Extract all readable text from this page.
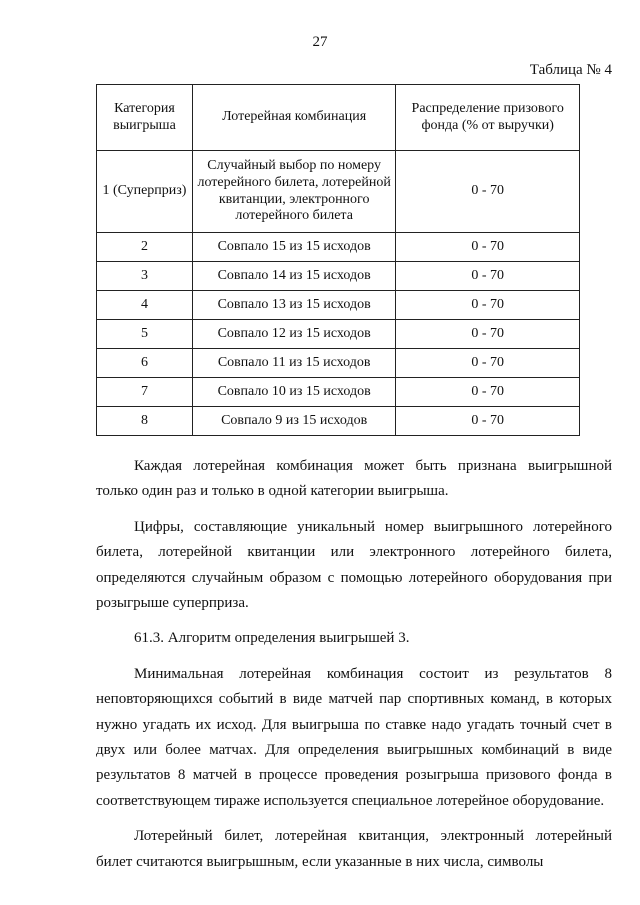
27
Таблица № 4
Категория выигрыша	Лотерейная комбинация	Распределение призового фонда (% от выручки)
1 (Суперприз)	Случайный выбор по номеру лотерейного билета, лотерейной квитанции, электронного лотерейного билета	0 - 70
2	Совпало 15 из 15 исходов	0 - 70
3	Совпало 14 из 15 исходов	0 - 70
4	Совпало 13 из 15 исходов	0 - 70
5	Совпало 12 из 15 исходов	0 - 70
6	Совпало 11 из 15 исходов	0 - 70
7	Совпало 10 из 15 исходов	0 - 70
8	Совпало 9 из 15 исходов	0 - 70

Каждая лотерейная комбинация может быть признана выигрышной только один раз и только в одной категории выигрыша.

Цифры, составляющие уникальный номер выигрышного лотерейного билета, лотерейной квитанции или электронного лотерейного билета, определяются случайным образом с помощью лотерейного оборудования при розыгрыше суперприза.

61.3. Алгоритм определения выигрышей 3.

Минимальная лотерейная комбинация состоит из результатов 8 неповторяющихся событий в виде матчей пар спортивных команд, в которых нужно угадать их исход. Для выигрыша по ставке надо угадать точный счет в двух или более матчах. Для определения выигрышных комбинаций в виде результатов 8 матчей в процессе проведения розыгрыша призового фонда в соответствующем тираже используется специальное лотерейное оборудование.

Лотерейный билет, лотерейная квитанция, электронный лотерейный билет считаются выигрышным, если указанные в них числа, символы
